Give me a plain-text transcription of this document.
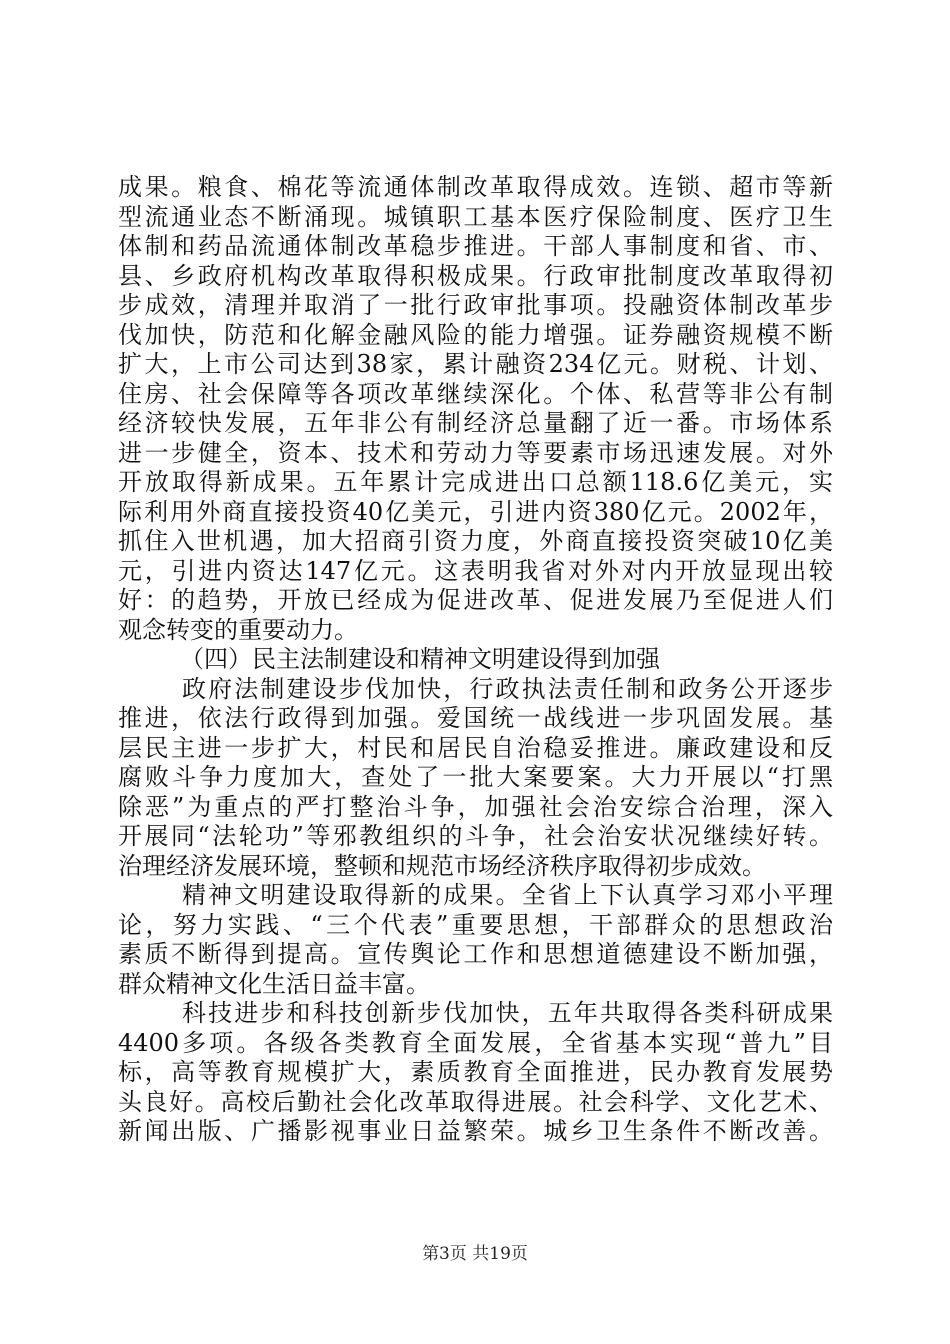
成果。粮食、棉花等流通体制改革取得成效。连锁、超市等新
型流通业态不断涌现。城镇职工基本医疗保险制度、医疗卫生
体制和药品流通体制改革稳步推进。干部人事制度和省、市、
县、乡政府机构改革取得积极成果。行政审批制度改革取得初
步成效，清理并取消了一批行政审批事项。投融资体制改革步
伐加快，防范和化解金融风险的能力增强。证券融资规模不断
扩大，上市公司达到38家，累计融资234亿元。财税、计划、
住房、社会保障等各项改革继续深化。个体、私营等非公有制
经济较快发展，五年非公有制经济总量翻了近一番。市场体系
进一步健全，资本、技术和劳动力等要素市场迅速发展。对外
开放取得新成果。五年累计完成进出口总额118.6亿美元，实
际利用外商直接投资40亿美元，引进内资380亿元。2002年，
抓住入世机遇，加大招商引资力度，外商直接投资突破10亿美
元，引进内资达147亿元。这表明我省对外对内开放显现出较
好：的趋势，开放已经成为促进改革、促进发展乃至促进人们
观念转变的重要动力。
（四）民主法制建设和精神文明建设得到加强
政府法制建设步伐加快，行政执法责任制和政务公开逐步
推进，依法行政得到加强。爱国统一战线进一步巩固发展。基
层民主进一步扩大，村民和居民自治稳妥推进。廉政建设和反
腐败斗争力度加大，查处了一批大案要案。大力开展以“打黑
除恶”为重点的严打整治斗争，加强社会治安综合治理，深入
开展同“法轮功”等邪教组织的斗争，社会治安状况继续好转。
治理经济发展环境，整顿和规范市场经济秩序取得初步成效。
精神文明建设取得新的成果。全省上下认真学习邓小平理
论，努力实践、“三个代表”重要思想，干部群众的思想政治
素质不断得到提高。宣传舆论工作和思想道德建设不断加强，
群众精神文化生活日益丰富。
科技进步和科技创新步伐加快，五年共取得各类科研成果
4400多项。各级各类教育全面发展，全省基本实现“普九”目
标，高等教育规模扩大，素质教育全面推进，民办教育发展势
头良好。高校后勤社会化改革取得进展。社会科学、文化艺术、
新闻出版、广播影视事业日益繁荣。城乡卫生条件不断改善。
第3页 共19页
